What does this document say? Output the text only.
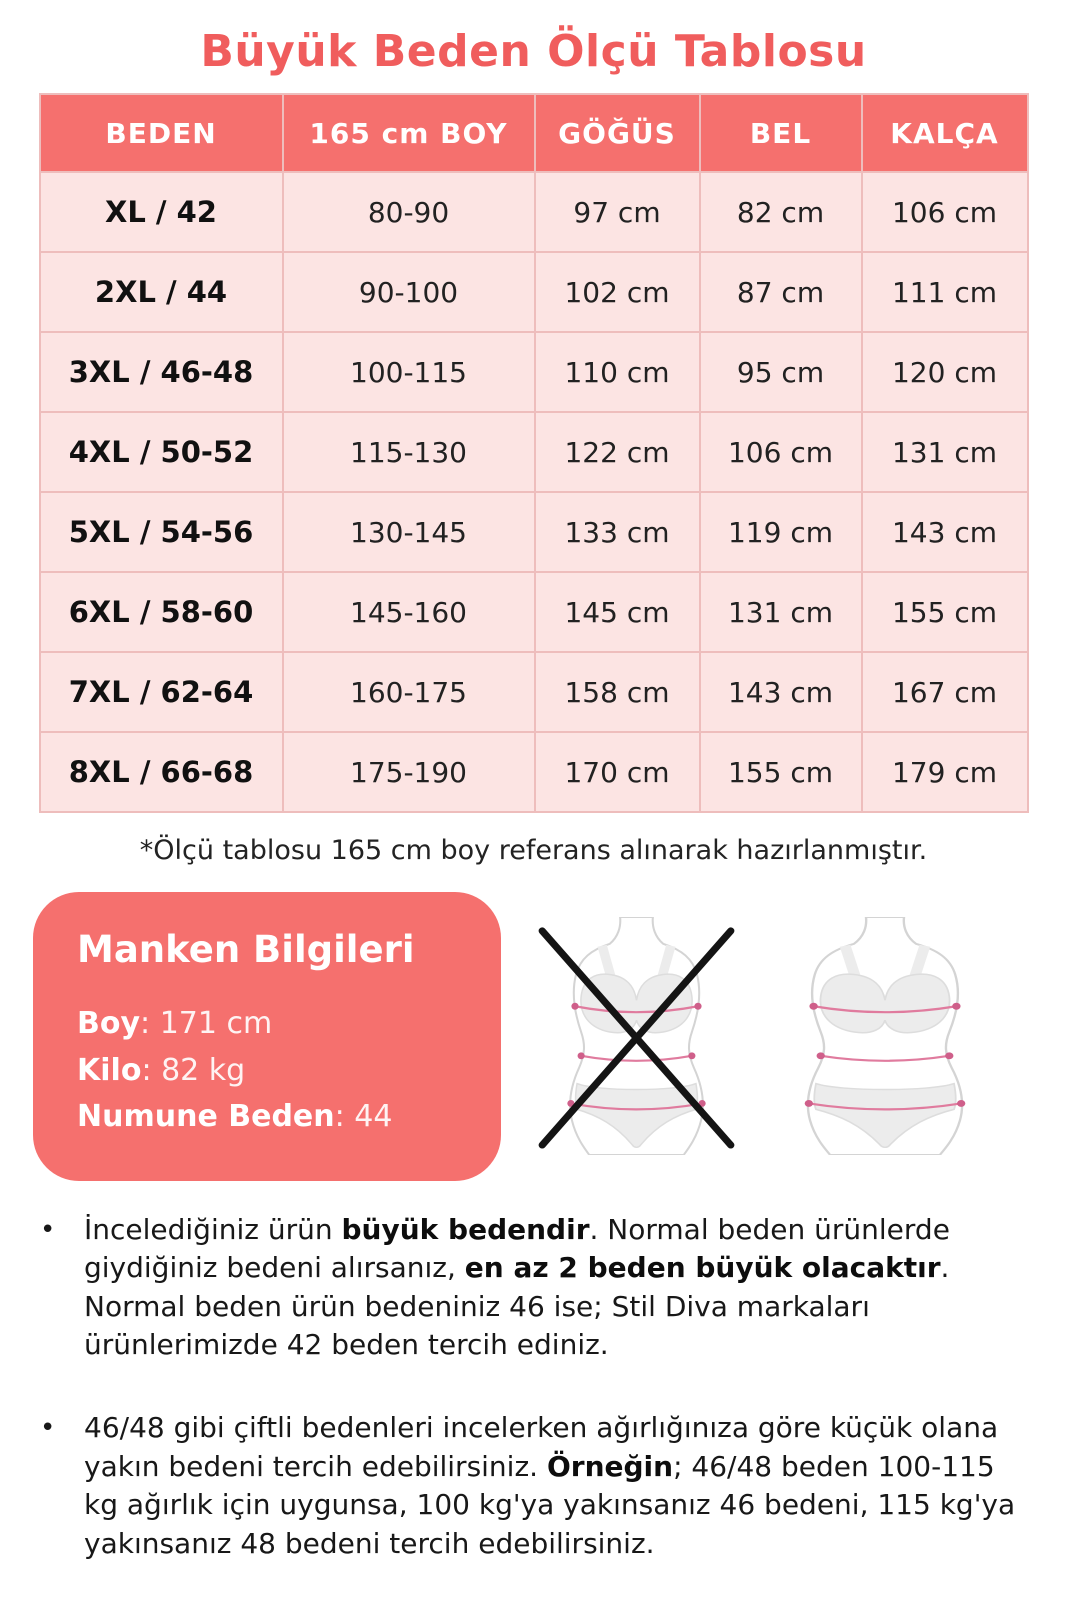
Büyük Beden Ölçü Tablosu
BEDEN	165 cm BOY	GÖĞÜS	BEL	KALÇA
XL / 42	80-90	97 cm	82 cm	106 cm
2XL / 44	90-100	102 cm	87 cm	111 cm
3XL / 46-48	100-115	110 cm	95 cm	120 cm
4XL / 50-52	115-130	122 cm	106 cm	131 cm
5XL / 54-56	130-145	133 cm	119 cm	143 cm
6XL / 58-60	145-160	145 cm	131 cm	155 cm
7XL / 62-64	160-175	158 cm	143 cm	167 cm
8XL / 66-68	175-190	170 cm	155 cm	179 cm
*Ölçü tablosu 165 cm boy referans alınarak hazırlanmıştır.
Manken Bilgileri
Boy: 171 cm
Kilo: 82 kg
Numune Beden: 44
•	İncelediğiniz ürün büyük bedendir. Normal beden ürünlerde giydiğiniz bedeni alırsanız, en az 2 beden büyük olacaktır. Normal beden ürün bedeniniz 46 ise; Stil Diva markaları ürünlerimizde 42 beden tercih ediniz.
•	46/48 gibi çiftli bedenleri incelerken ağırlığınıza göre küçük olana yakın bedeni tercih edebilirsiniz. Örneğin; 46/48 beden 100-115 kg ağırlık için uygunsa, 100 kg'ya yakınsanız 46 bedeni, 115 kg'ya yakınsanız 48 bedeni tercih edebilirsiniz.
